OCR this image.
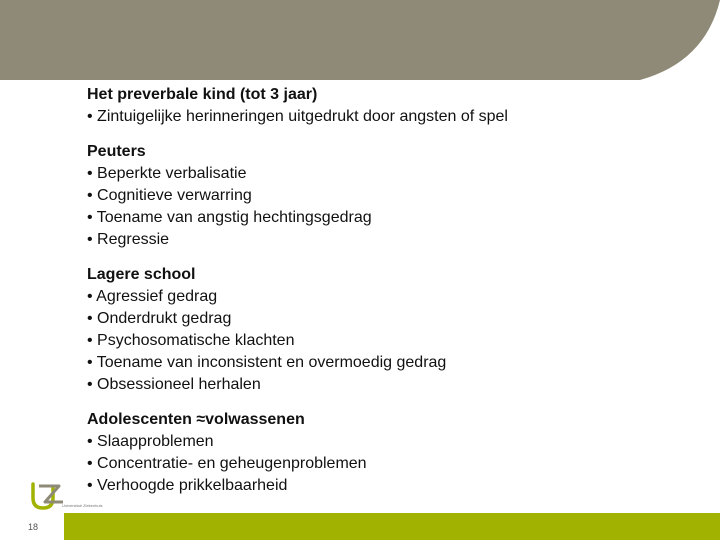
Het preverbale kind (tot 3 jaar)
• Zintuigelijke herinneringen uitgedrukt door angsten of spel
Peuters
• Beperkte verbalisatie
• Cognitieve verwarring
• Toename van angstig hechtingsgedrag
• Regressie
Lagere school
• Agressief gedrag
• Onderdrukt gedrag
• Psychosomatische klachten
• Toename van inconsistent en overmoedig gedrag
• Obsessioneel herhalen
Adolescenten ≈volwassenen
• Slaapproblemen
• Concentratie- en geheugenproblemen
• Verhoogde prikkelbaarheid
18
Universitair Ziekenhuis
